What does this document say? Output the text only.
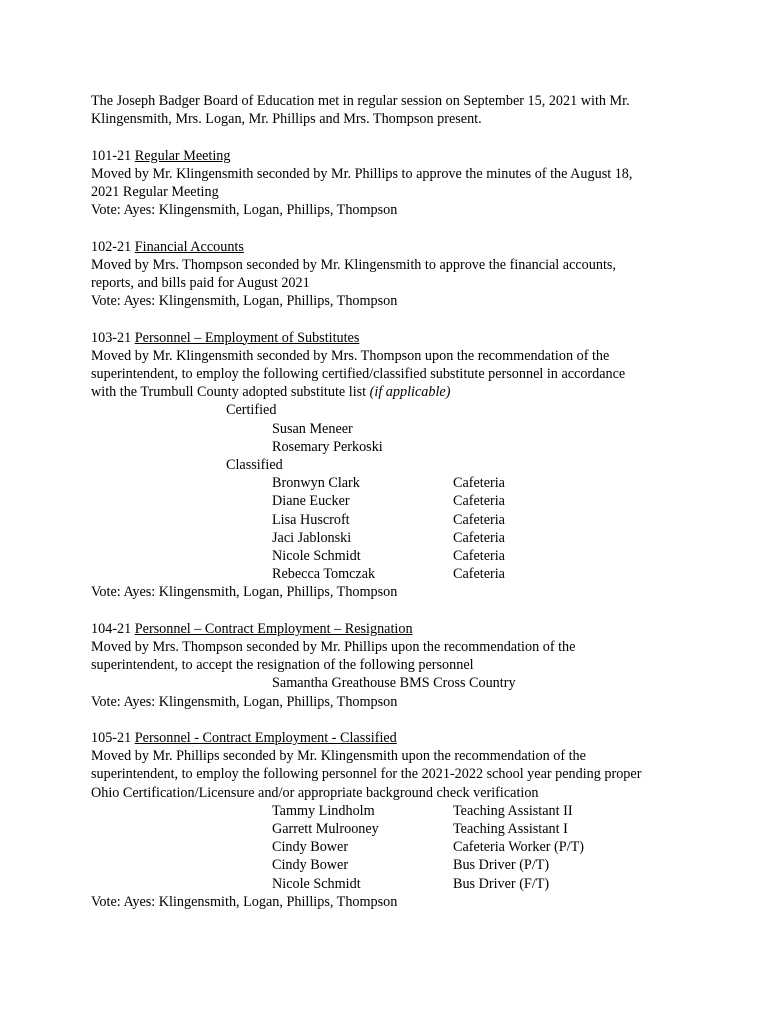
The Joseph Badger Board of Education met in regular session on September 15, 2021 with Mr.
Klingensmith, Mrs. Logan, Mr. Phillips and Mrs. Thompson present.
101-21 Regular Meeting
Moved by Mr. Klingensmith seconded by Mr. Phillips to approve the minutes of the August 18,
2021 Regular Meeting
Vote: Ayes: Klingensmith, Logan, Phillips, Thompson
102-21 Financial Accounts
Moved by Mrs. Thompson seconded by Mr. Klingensmith to approve the financial accounts,
reports, and bills paid for August 2021
Vote: Ayes: Klingensmith, Logan, Phillips, Thompson
103-21 Personnel – Employment of Substitutes
Moved by Mr. Klingensmith seconded by Mrs. Thompson upon the recommendation of the
superintendent, to employ the following certified/classified substitute personnel in accordance
with the Trumbull County adopted substitute list (if applicable)
Certified
Susan Meneer
Rosemary Perkoski
Classified
Bronwyn Clark	Cafeteria
Diane Eucker	Cafeteria
Lisa Huscroft	Cafeteria
Jaci Jablonski	Cafeteria
Nicole Schmidt	Cafeteria
Rebecca Tomczak	Cafeteria
Vote: Ayes: Klingensmith, Logan, Phillips, Thompson
104-21 Personnel – Contract Employment – Resignation
Moved by Mrs. Thompson seconded by Mr. Phillips upon the recommendation of the
superintendent, to accept the resignation of the following personnel
Samantha Greathouse BMS Cross Country
Vote: Ayes: Klingensmith, Logan, Phillips, Thompson
105-21 Personnel - Contract Employment - Classified
Moved by Mr. Phillips seconded by Mr. Klingensmith upon the recommendation of the
superintendent, to employ the following personnel for the 2021-2022 school year pending proper
Ohio Certification/Licensure and/or appropriate background check verification
Tammy Lindholm	Teaching Assistant II
Garrett Mulrooney	Teaching Assistant I
Cindy Bower	Cafeteria Worker (P/T)
Cindy Bower	Bus Driver (P/T)
Nicole Schmidt	Bus Driver (F/T)
Vote: Ayes: Klingensmith, Logan, Phillips, Thompson
